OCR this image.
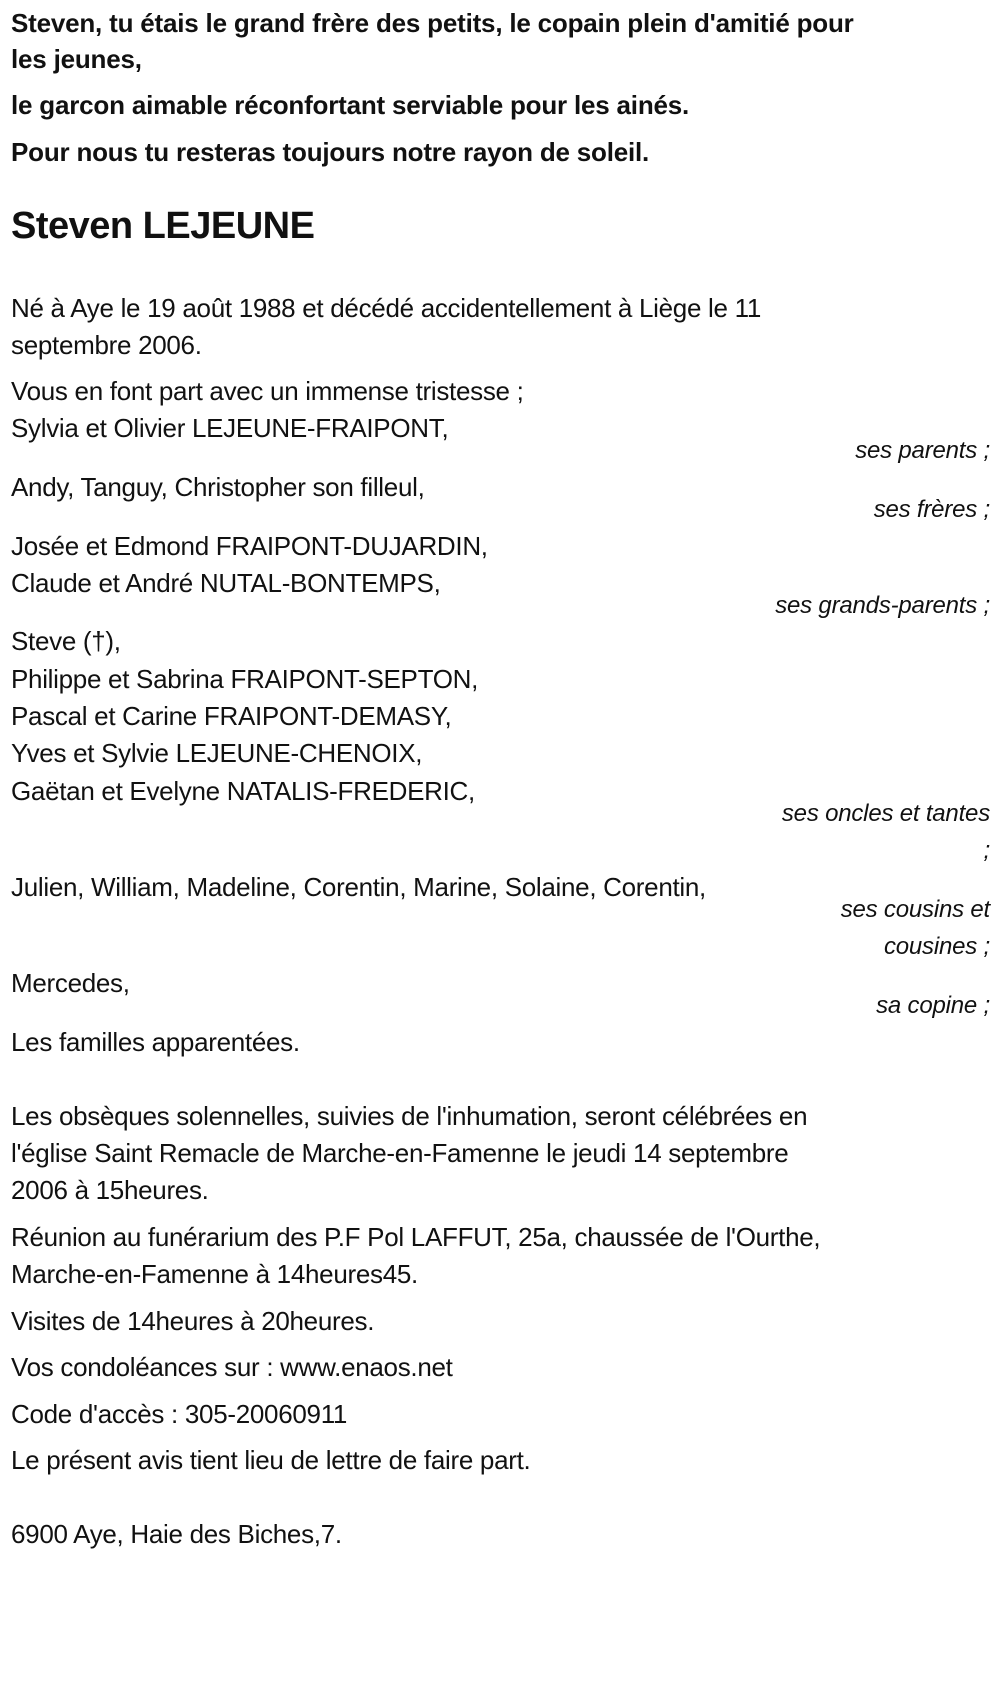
Steven, tu étais le grand frère des petits, le copain plein d'amitié pour
les jeunes,
le garcon aimable réconfortant serviable pour les ainés.
Pour nous tu resteras toujours notre rayon de soleil.
Steven LEJEUNE
Né à Aye le 19 août 1988 et décédé accidentellement à Liège le 11
septembre 2006.
Vous en font part avec un immense tristesse ;
Sylvia et Olivier LEJEUNE-FRAIPONT,
ses parents ;
Andy, Tanguy, Christopher son filleul,
ses frères ;
Josée et Edmond FRAIPONT-DUJARDIN,
Claude et André NUTAL-BONTEMPS,
ses grands-parents ;
Steve (†),
Philippe et Sabrina FRAIPONT-SEPTON,
Pascal et Carine FRAIPONT-DEMASY,
Yves et Sylvie LEJEUNE-CHENOIX,
Gaëtan et Evelyne NATALIS-FREDERIC,
ses oncles et tantes
;
Julien, William, Madeline, Corentin, Marine, Solaine, Corentin,
ses cousins et
cousines ;
Mercedes,
sa copine ;
Les familles apparentées.
Les obsèques solennelles, suivies de l'inhumation, seront célébrées en
l'église Saint Remacle de Marche-en-Famenne le jeudi 14 septembre
2006 à 15heures.
Réunion au funérarium des P.F Pol LAFFUT, 25a, chaussée de l'Ourthe,
Marche-en-Famenne à 14heures45.
Visites de 14heures à 20heures.
Vos condoléances sur : www.enaos.net
Code d'accès : 305-20060911
Le présent avis tient lieu de lettre de faire part.
6900 Aye, Haie des Biches,7.
